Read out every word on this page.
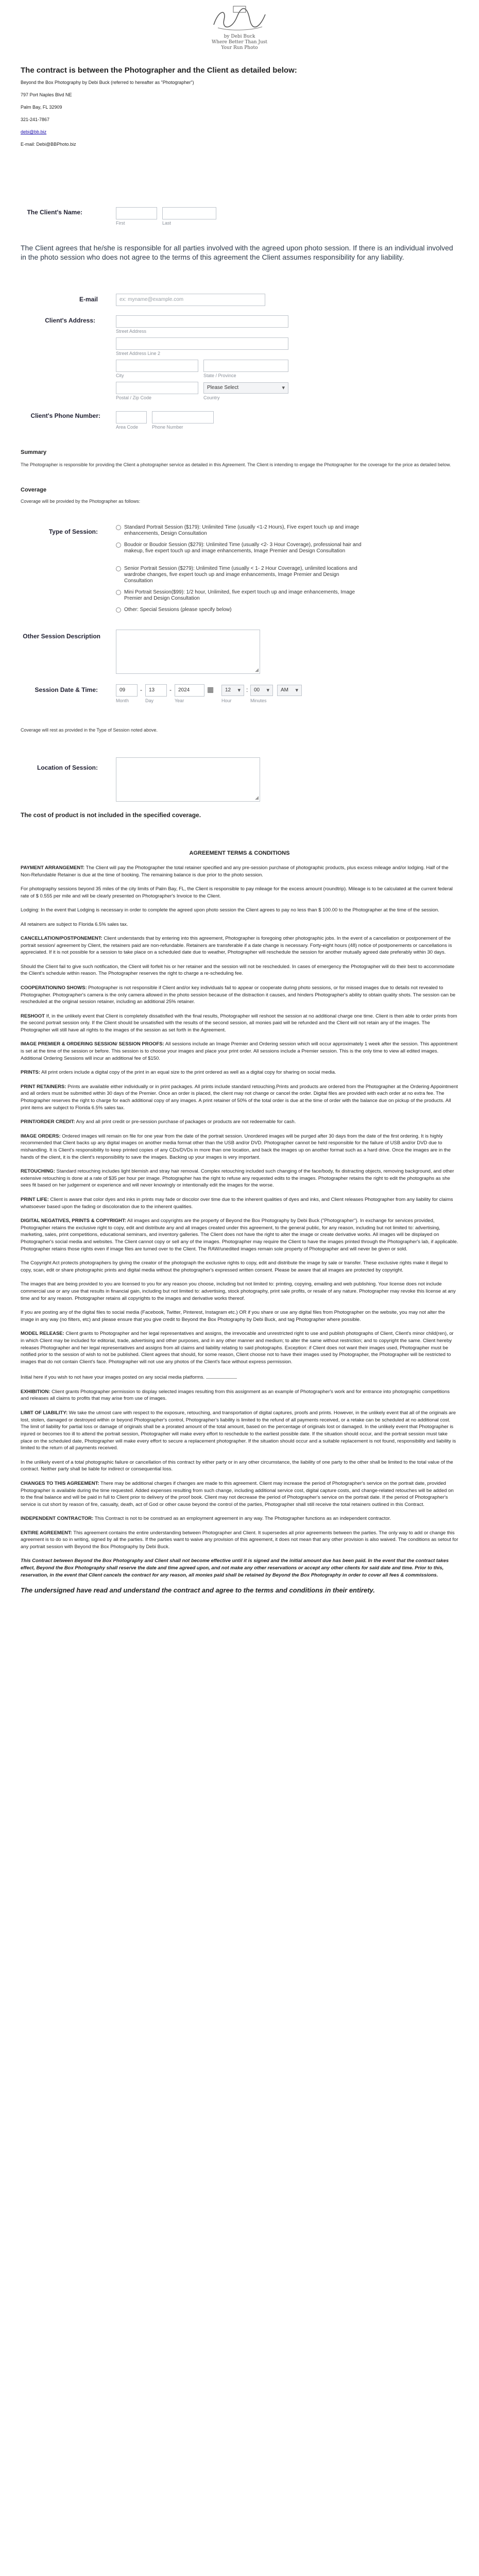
by Debi Buck
Where Better Than Just
Your Run Photo
The contract is between the Photographer and the Client as detailed below:
Beyond the Box Photography by Debi Buck (referred to hereafter as "Photographer")
797 Port Naples Blvd NE
Palm Bay, FL 32909
321-241-7867
debi@bb.biz
E-mail: Debi@BBPhoto.biz
The Client's Name:
First	Last
The Client agrees that he/she is responsible for all parties involved with the agreed upon photo session. If there is an individual involved in the photo session who does not agree to the terms of this agreement the Client assumes responsibility for any liability.
E-mail	ex: myname@example.com
Client's Address:
Street Address
Street Address Line 2
City	State / Province
Postal / Zip Code
Please Select ▾
Country
Client's Phone Number:
Area Code	Phone Number
Summary
The Photographer is responsible for providing the Client a photographer service as detailed in this Agreement. The Client is intending to engage the Photographer for the coverage for the price as detailed below.
Coverage
Coverage will be provided by the Photographer as follows:
Type of Session:
Standard Portrait Session ($179): Unlimited Time (usually <1-2 Hours), Five expert touch up and image enhancements, Design Consultation
Boudoir or Boudoir Session ($279): Unlimited Time (usually <2- 3 Hour Coverage), professional hair and makeup, five expert touch up and image enhancements, Image Premier and Design Consultation
Senior Portrait Session ($279): Unlimited Time (usually < 1- 2 Hour Coverage), unlimited locations and wardrobe changes, five expert touch up and image enhancements, Image Premier and Design Consultation
Mini Portrait Session($99): 1/2 hour, Unlimited, five expert touch up and image enhancements, Image Premier and Design Consultation
Other: Special Sessions (please specify below)
Other Session Description
◢
Session Date & Time:	09	-	13	-	2024	▦	12 ▾	:	00 ▾	AM ▾
Month	Day	Year	Hour	Minutes
Coverage will rest as provided in the Type of Session noted above.
Location of Session:
◢
The cost of product is not included in the specified coverage.
AGREEMENT TERMS & CONDITIONS

PAYMENT ARRANGEMENT: The Client will pay the Photographer the total retainer specified and any pre-session purchase of photographic products, plus excess mileage and/or lodging. Half of the Non-Refundable Retainer is due at the time of booking. The remaining balance is due prior to the photo session.

For photography sessions beyond 35 miles of the city limits of Palm Bay, FL, the Client is responsible to pay mileage for the excess amount (roundtrip). Mileage is to be calculated at the current federal rate of $ 0.555 per mile and will be clearly presented on Photographer's Invoice to the Client.

Lodging: In the event that Lodging is necessary in order to complete the agreed upon photo session the Client agrees to pay no less than $ 100.00 to the Photographer at the time of the session.

All retainers are subject to Florida 6.5% sales tax.

CANCELLATION/POSTPONEMENT: Client understands that by entering into this agreement, Photographer is foregoing other photographic jobs. In the event of a cancellation or postponement of the portrait session/ agreement by Client, the retainers paid are non-refundable. Retainers are transferable if a date change is necessary. Forty-eight hours (48) notice of postponements or cancellations is appreciated. If it is not possible for a session to take place on a scheduled date due to weather, Photographer will reschedule the session for another mutually agreed date preferably within 30 days.

Should the Client fail to give such notification, the Client will forfeit his or her retainer and the session will not be rescheduled. In cases of emergency the Photographer will do their best to accommodate the Client's schedule within reason. The Photographer reserves the right to charge a re-scheduling fee.

COOPERATION/NO SHOWS: Photographer is not responsible if Client and/or key individuals fail to appear or cooperate during photo sessions, or for missed images due to details not revealed to Photographer. Photographer's camera is the only camera allowed in the photo session because of the distraction it causes, and hinders Photographer's ability to obtain quality shots. The session can be rescheduled at the original session retainer, including an additional 25% retainer.

RESHOOT If, in the unlikely event that Client is completely dissatisfied with the final results, Photographer will reshoot the session at no additional charge one time. Client is then able to order prints from the second portrait session only. If the Client should be unsatisfied with the results of the second session, all monies paid will be refunded and the Client will not retain any of the images. The Photographer will still have all rights to the images of the session as set forth in the Agreement.

IMAGE PREMIER & ORDERING SESSION/ SESSION PROOFS: All sessions include an Image Premier and Ordering session which will occur approximately 1 week after the session. This appointment is set at the time of the session or before. This session is to choose your images and place your print order. All sessions include a Premier session. This is the only time to view all edited images. Additional Ordering Sessions will incur an additional fee of $150.

PRINTS: All print orders include a digital copy of the print in an equal size to the print ordered as well as a digital copy for sharing on social media.

PRINT RETAINERS: Prints are available either individually or in print packages. All prints include standard retouching.Prints and products are ordered from the Photographer at the Ordering Appointment and all orders must be submitted within 30 days of the Premier. Once an order is placed, the client may not change or cancel the order. Digital files are provided with each order at no extra fee. The Photographer reserves the right to charge for each additional copy of any images. A print retainer of 50% of the total order is due at the time of order with the balance due on pickup of the products. All print items are subject to Florida 6.5% sales tax.

PRINT/ORDER CREDIT: Any and all print credit or pre-session purchase of packages or products are not redeemable for cash.

IMAGE ORDERS: Ordered images will remain on file for one year from the date of the portrait session. Unordered images will be purged after 30 days from the date of the first ordering. It is highly recommended that Client backs up any digital images on another media format other than the USB and/or DVD. Photographer cannot be held responsible for the failure of USB and/or DVD due to mishandling. It is Client's responsibility to keep printed copies of any CDs/DVDs in more than one location, and back the images up on another format such as a hard drive. Once the images are in the hands of the client, it is the client's responsibility to save the images. Backing up your images is very important.

RETOUCHING: Standard retouching includes light blemish and stray hair removal. Complex retouching included such changing of the face/body, fix distracting objects, removing background, and other extensive retouching is done at a rate of $35 per hour per image. Photographer has the right to refuse any requested edits to the images. Photographer retains the right to edit the photographs as she sees fit based on her judgement or experience and will never knowingly or intentionally edit the images for the worse.

PRINT LIFE: Client is aware that color dyes and inks in prints may fade or discolor over time due to the inherent qualities of dyes and inks, and Client releases Photographer from any liability for claims whatsoever based upon the fading or discoloration due to the inherent qualities.

DIGITAL NEGATIVES, PRINTS & COPYRIGHT: All images and copyrights are the property of Beyond the Box Photography by Debi Buck ("Photographer"). In exchange for services provided, Photographer retains the exclusive right to copy, edit and distribute any and all images created under this agreement, to the general public, for any reason, including but not limited to: advertising, marketing, sales, print competitions, educational seminars, and inventory galleries. The Client does not have the right to alter the image or create derivative works. All images will be displayed on Photographer's social media and websites. The Client cannot copy or sell any of the images. Photographer may require the Client to have the images printed through the Photographer's lab, if applicable. Photographer retains those rights even if image files are turned over to the Client. The RAW/unedited images remain sole property of Photographer and will never be given or sold.

The Copyright Act protects photographers by giving the creator of the photograph the exclusive rights to copy, edit and distribute the image by sale or transfer. These exclusive rights make it illegal to copy, scan, edit or share photographic prints and digital media without the photographer's expressed written consent. Please be aware that all images are protected by copyright.

The images that are being provided to you are licensed to you for any reason you choose, including but not limited to: printing, copying, emailing and web publishing. Your license does not include commercial use or any use that results in financial gain, including but not limited to: advertising, stock photography, print sale profits, or resale of any nature. Photographer may revoke this license at any time and for any reason. Photographer retains all copyrights to the images and derivative works thereof.

If you are posting any of the digital files to social media (Facebook, Twitter, Pinterest, Instagram etc.) OR if you share or use any digital files from Photographer on the website, you may not alter the image in any way (no filters, etc) and please ensure that you give credit to Beyond the Box Photography by Debi Buck, and tag Photographer where possible.

MODEL RELEASE: Client grants to Photographer and her legal representatives and assigns, the irrevocable and unrestricted right to use and publish photographs of Client, Client's minor child(ren), or in which Client may be included for editorial, trade, advertising and other purposes, and in any other manner and medium; to alter the same without restriction; and to copyright the same. Client hereby releases Photographer and her legal representatives and assigns from all claims and liability relating to said photographs. Exception: if Client does not want their images used, Photographer must be notified prior to the session of wish to not be published. Client agrees that should, for some reason, Client choose not to have their images used by Photographer, the Photographer will be restricted to images that do not contain Client's face. Photographer will not use any photos of the Client's face without express permission.

Initial here if you wish to not have your images posted on any social media platforms.

EXHIBITION: Client grants Photographer permission to display selected images resulting from this assignment as an example of Photographer's work and for entrance into photographic competitions and releases all claims to profits that may arise from use of images.

LIMIT OF LIABILITY: We take the utmost care with respect to the exposure, retouching, and transportation of digital captures, proofs and prints. However, in the unlikely event that all of the originals are lost, stolen, damaged or destroyed within or beyond Photographer's control, Photographer's liability is limited to the refund of all payments received, or a retake can be scheduled at no additional cost. The limit of liability for partial loss or damage of originals shall be a prorated amount of the total amount, based on the percentage of originals lost or damaged. In the unlikely event that Photographer is injured or becomes too ill to attend the portrait session, Photographer will make every effort to reschedule to the earliest possible date. If the situation should occur, and the portrait session must take place on the scheduled date, Photographer will make every effort to secure a replacement photographer. If the situation should occur and a suitable replacement is not found, responsibility and liability is limited to the return of all payments received.

In the unlikely event of a total photographic failure or cancellation of this contract by either party or in any other circumstance, the liability of one party to the other shall be limited to the total value of the contract. Neither party shall be liable for indirect or consequential loss.

CHANGES TO THIS AGREEMENT: There may be additional charges if changes are made to this agreement. Client may increase the period of Photographer's service on the portrait date, provided Photographer is available during the time requested. Added expenses resulting from such change, including additional service cost, digital capture costs, and change-related retouches will be added on to the final balance and will be paid in full to Client prior to delivery of the proof book. Client may not decrease the period of Photographer's service on the portrait date. If the period of Photographer's service is cut short by reason of fire, casualty, death, act of God or other cause beyond the control of the parties, Photographer shall still receive the total retainers outlined in this Contract.

INDEPENDENT CONTRACTOR: This Contract is not to be construed as an employment agreement in any way. The Photographer functions as an independent contractor.

ENTIRE AGREEMENT: This agreement contains the entire understanding between Photographer and Client. It supersedes all prior agreements between the parties. The only way to add or change this agreement is to do so in writing, signed by all the parties. If the parties want to waive any provision of this agreement, it does not mean that any other provision is also waived. The conditions as setout for any portrait session with Beyond the Box Photography by Debi Buck.

This Contract between Beyond the Box Photography and Client shall not become effective until it is signed and the initial amount due has been paid. In the event that the contract takes effect, Beyond the Box Photography shall reserve the date and time agreed upon, and not make any other reservations or accept any other clients for said date and time. Prior to this, reservation, in the event that Client cancels the contract for any reason, all monies paid shall be retained by Beyond the Box Photography in order to cover all fees & commissions.

The undersigned have read and understand the contract and agree to the terms and conditions in their entirety.
